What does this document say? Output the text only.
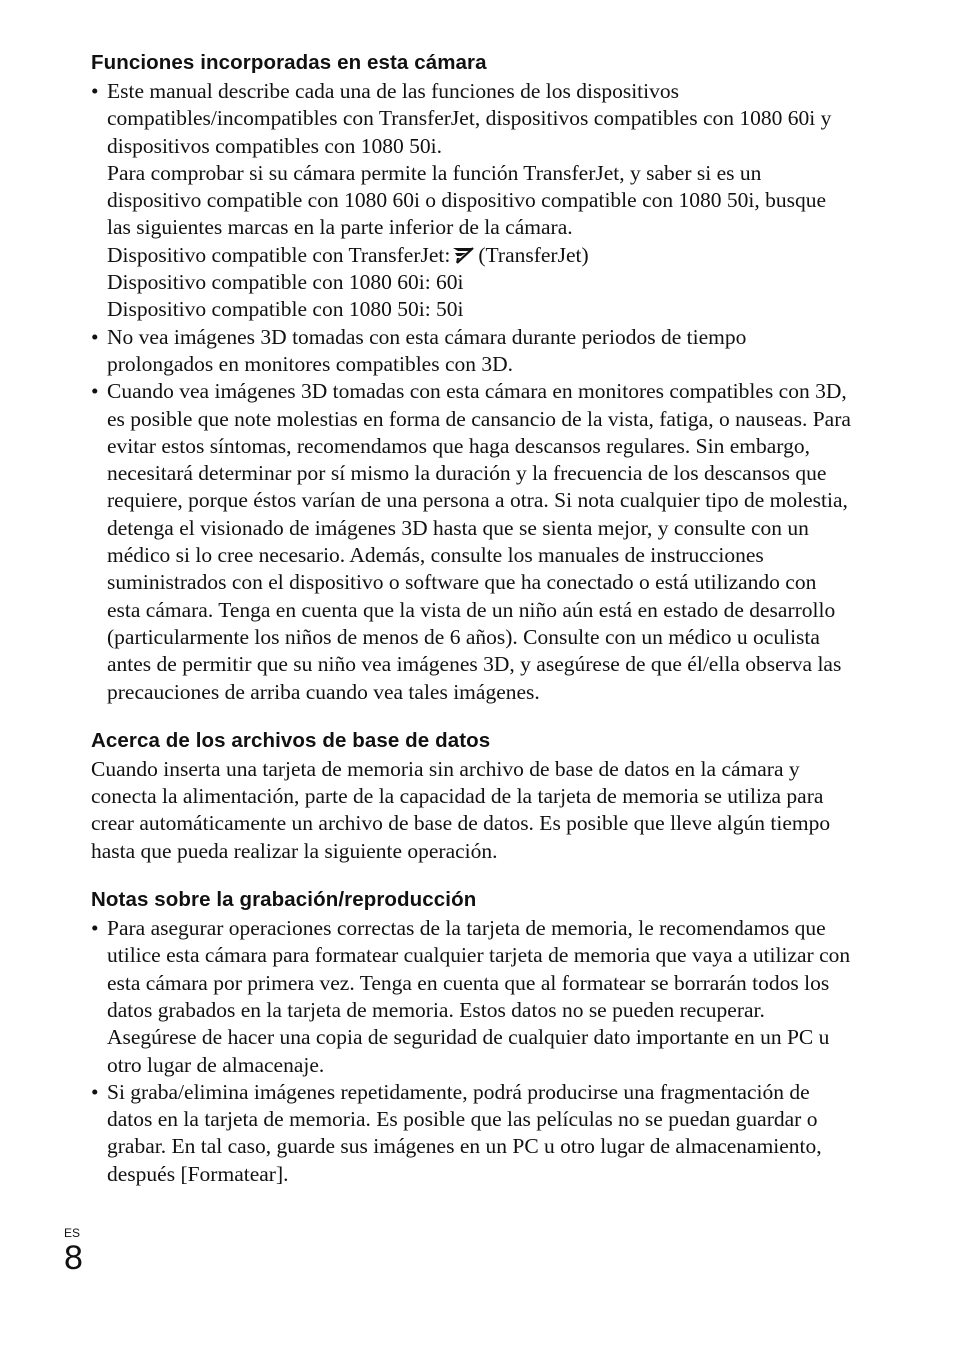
Funciones incorporadas en esta cámara
• Este manual describe cada una de las funciones de los dispositivos compatibles/incompatibles con TransferJet, dispositivos compatibles con 1080 60i y dispositivos compatibles con 1080 50i.
Para comprobar si su cámara permite la función TransferJet, y saber si es un dispositivo compatible con 1080 60i o dispositivo compatible con 1080 50i, busque las siguientes marcas en la parte inferior de la cámara.
Dispositivo compatible con TransferJet: (TransferJet)
Dispositivo compatible con 1080 60i: 60i
Dispositivo compatible con 1080 50i: 50i
• No vea imágenes 3D tomadas con esta cámara durante periodos de tiempo prolongados en monitores compatibles con 3D.
• Cuando vea imágenes 3D tomadas con esta cámara en monitores compatibles con 3D, es posible que note molestias en forma de cansancio de la vista, fatiga, o nauseas. Para evitar estos síntomas, recomendamos que haga descansos regulares. Sin embargo, necesitará determinar por sí mismo la duración y la frecuencia de los descansos que requiere, porque éstos varían de una persona a otra. Si nota cualquier tipo de molestia, detenga el visionado de imágenes 3D hasta que se sienta mejor, y consulte con un médico si lo cree necesario. Además, consulte los manuales de instrucciones suministrados con el dispositivo o software que ha conectado o está utilizando con esta cámara. Tenga en cuenta que la vista de un niño aún está en estado de desarrollo (particularmente los niños de menos de 6 años). Consulte con un médico u oculista antes de permitir que su niño vea imágenes 3D, y asegúrese de que él/ella observa las precauciones de arriba cuando vea tales imágenes.
Acerca de los archivos de base de datos

Cuando inserta una tarjeta de memoria sin archivo de base de datos en la cámara y conecta la alimentación, parte de la capacidad de la tarjeta de memoria se utiliza para crear automáticamente un archivo de base de datos. Es posible que lleve algún tiempo hasta que pueda realizar la siguiente operación.

Notas sobre la grabación/reproducción
• Para asegurar operaciones correctas de la tarjeta de memoria, le recomendamos que utilice esta cámara para formatear cualquier tarjeta de memoria que vaya a utilizar con esta cámara por primera vez. Tenga en cuenta que al formatear se borrarán todos los datos grabados en la tarjeta de memoria. Estos datos no se pueden recuperar. Asegúrese de hacer una copia de seguridad de cualquier dato importante en un PC u otro lugar de almacenaje.
• Si graba/elimina imágenes repetidamente, podrá producirse una fragmentación de datos en la tarjeta de memoria. Es posible que las películas no se puedan guardar o grabar. En tal caso, guarde sus imágenes en un PC u otro lugar de almacenamiento, después [Formatear].
ES
8
